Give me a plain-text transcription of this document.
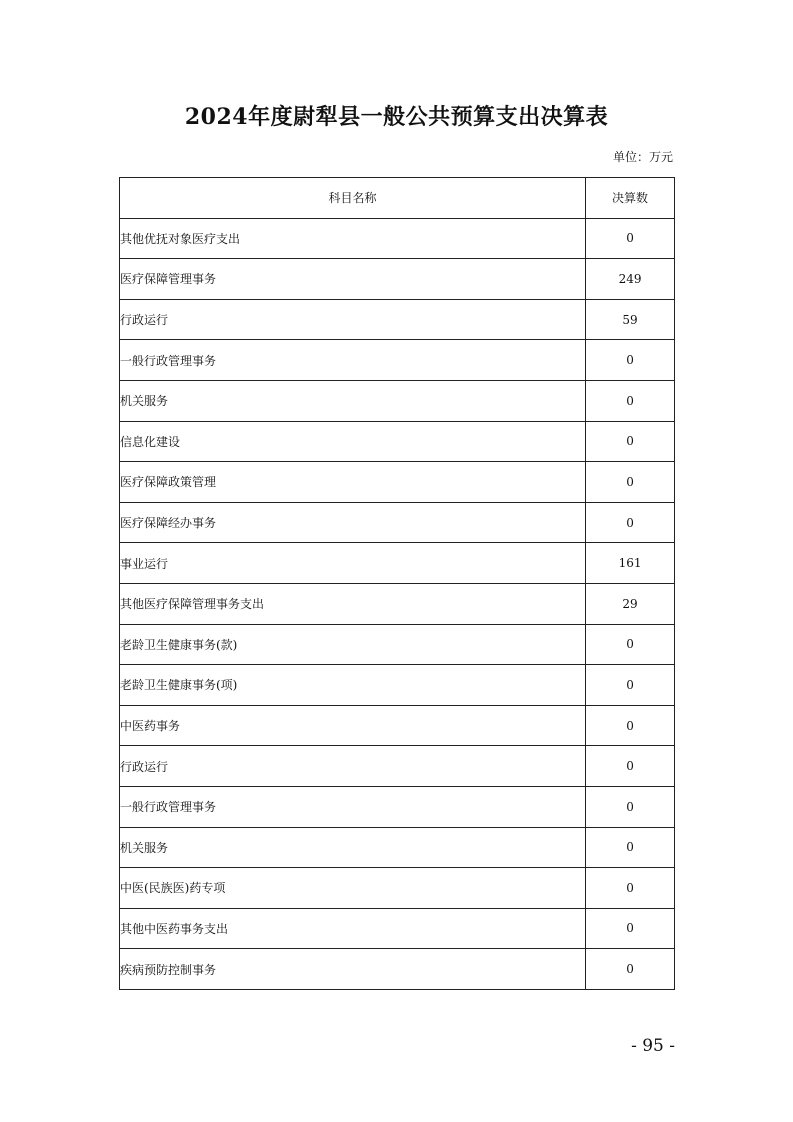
2024年度尉犁县一般公共预算支出决算表
单位：万元
科目名称	决算数
其他优抚对象医疗支出	0
医疗保障管理事务	249
行政运行	59
一般行政管理事务	0
机关服务	0
信息化建设	0
医疗保障政策管理	0
医疗保障经办事务	0
事业运行	161
其他医疗保障管理事务支出	29
老龄卫生健康事务(款)	0
老龄卫生健康事务(项)	0
中医药事务	0
行政运行	0
一般行政管理事务	0
机关服务	0
中医(民族医)药专项	0
其他中医药事务支出	0
疾病预防控制事务	0
- 95 -
